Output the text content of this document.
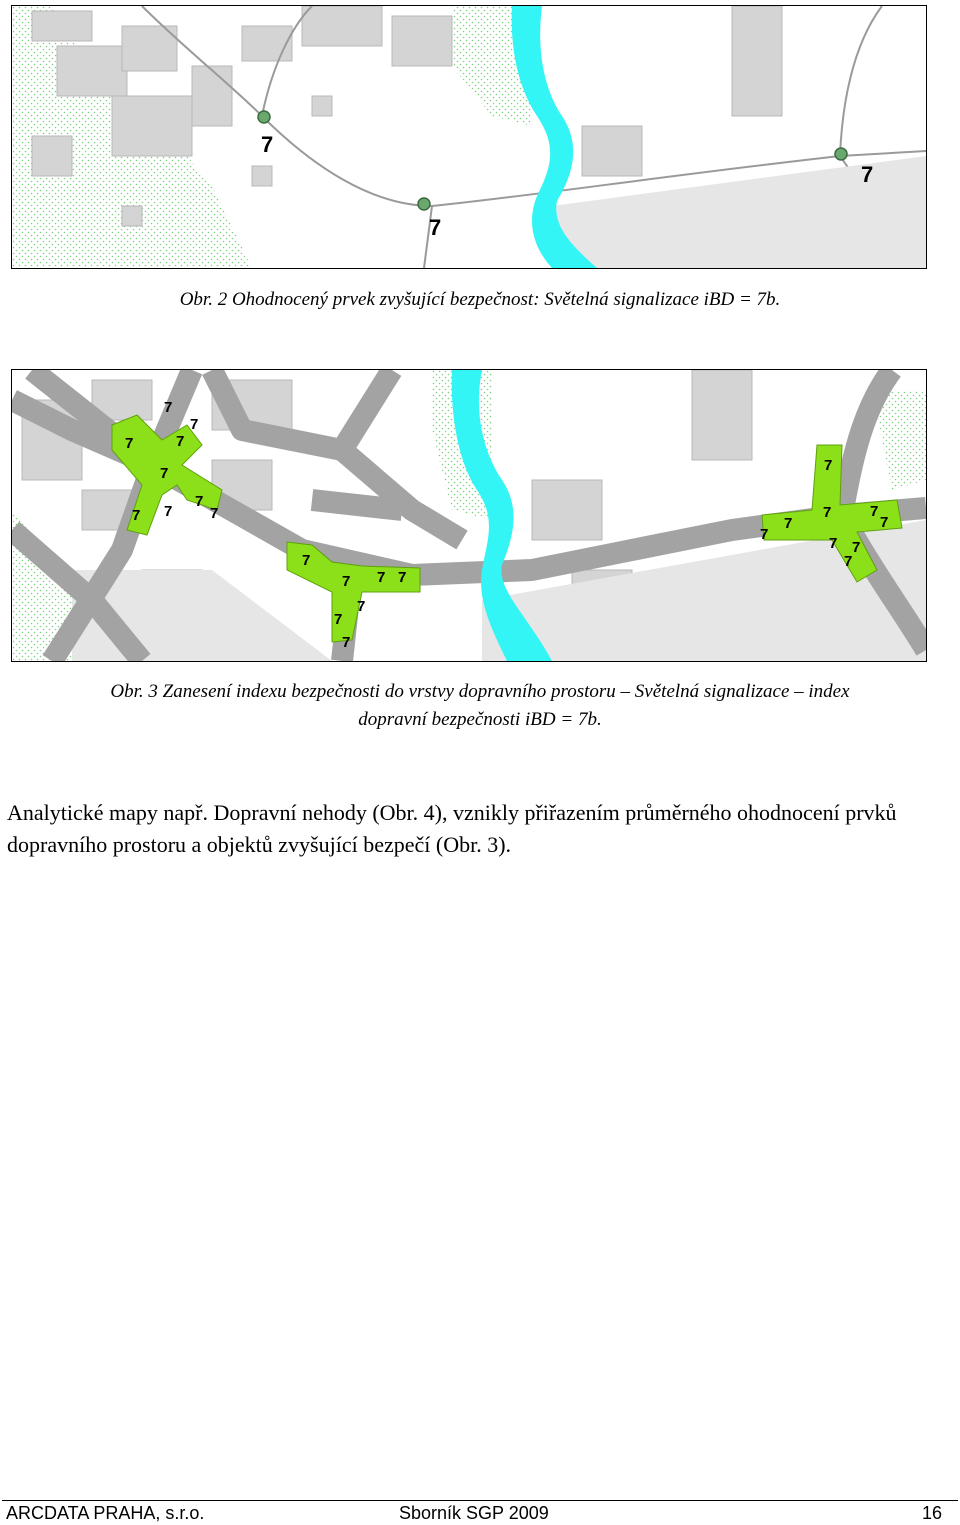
7
7
7
Obr. 2 Ohodnocený prvek zvyšující bezpečnost: Světelná signalizace iBD = 7b.
7
7
7	7
7
7
7
7 7
7
7 7 7
7
7
7
7
7
7
7	7
7
7 7
7
Obr. 3 Zanesení indexu bezpečnosti do vrstvy dopravního prostoru – Světelná signalizace – index
dopravní bezpečnosti iBD = 7b.
Analytické mapy např. Dopravní nehody (Obr. 4), vznikly přiřazením průměrného ohodnocení prvků dopravního prostoru a objektů zvyšující bezpečí (Obr. 3).
ARCDATA PRAHA, s.r.o.	Sborník SGP 2009	16
